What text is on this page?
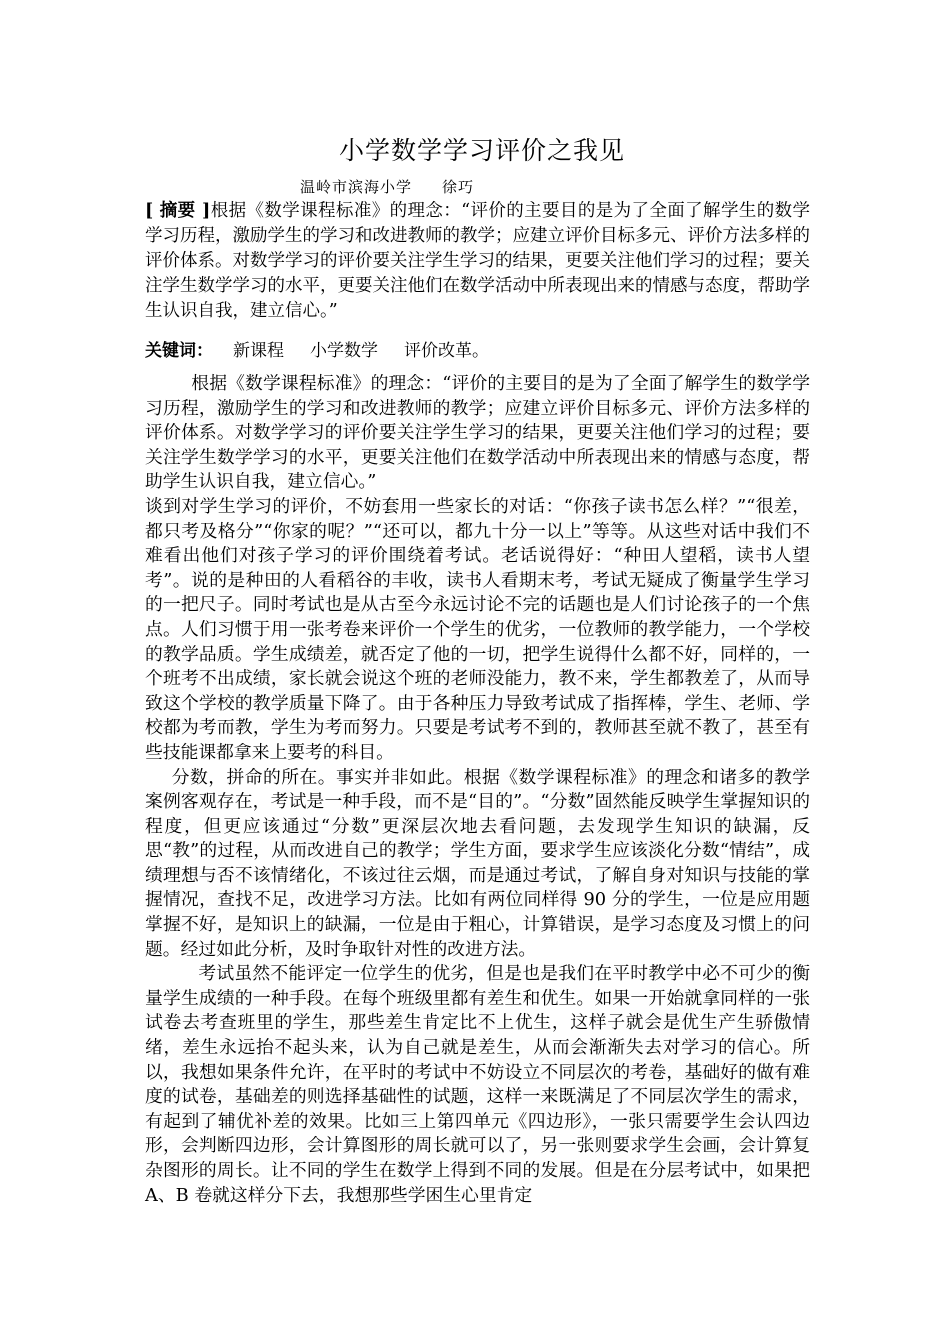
小学数学学习评价之我见
温岭市滨海小学 徐巧

[ 摘要 ]根据《数学课程标准》的理念：“评价的主要目的是为了全面了解学生的数学学习历程，激励学生的学习和改进教师的教学；应建立评价目标多元、评价方法多样的评价体系。对数学学习的评价要关注学生学习的结果，更要关注他们学习的过程；要关注学生数学学习的水平，更要关注他们在数学活动中所表现出来的情感与态度，帮助学生认识自我，建立信心。”

关键词： 新课程 小学数学 评价改革。

根据《数学课程标准》的理念：“评价的主要目的是为了全面了解学生的数学学习历程，激励学生的学习和改进教师的教学；应建立评价目标多元、评价方法多样的评价体系。对数学学习的评价要关注学生学习的结果，更要关注他们学习的过程；要关注学生数学学习的水平，更要关注他们在数学活动中所表现出来的情感与态度，帮助学生认识自我，建立信心。”

谈到对学生学习的评价，不妨套用一些家长的对话：“你孩子读书怎么样？”“很差，都只考及格分”“你家的呢？”“还可以，都九十分一以上”等等。从这些对话中我们不难看出他们对孩子学习的评价围绕着考试。老话说得好：“种田人望稻，读书人望考”。说的是种田的人看稻谷的丰收，读书人看期末考，考试无疑成了衡量学生学习的一把尺子。同时考试也是从古至今永远讨论不完的话题也是人们讨论孩子的一个焦点。人们习惯于用一张考卷来评价一个学生的优劣，一位教师的教学能力，一个学校的教学品质。学生成绩差，就否定了他的一切，把学生说得什么都不好，同样的，一个班考不出成绩，家长就会说这个班的老师没能力，教不来，学生都教差了，从而导致这个学校的教学质量下降了。由于各种压力导致考试成了指挥棒，学生、老师、学校都为考而教，学生为考而努力。只要是考试考不到的，教师甚至就不教了，甚至有些技能课都拿来上要考的科目。

分数，拼命的所在。事实并非如此。根据《数学课程标准》的理念和诸多的教学案例客观存在，考试是一种手段，而不是“目的”。“分数”固然能反映学生掌握知识的程度，但更应该通过“分数”更深层次地去看问题，去发现学生知识的缺漏，反思“教”的过程，从而改进自己的教学；学生方面，要求学生应该淡化分数“情结”，成绩理想与否不该情绪化，不该过往云烟，而是通过考试，了解自身对知识与技能的掌握情况，查找不足，改进学习方法。比如有两位同样得 90 分的学生，一位是应用题掌握不好，是知识上的缺漏，一位是由于粗心，计算错误，是学习态度及习惯上的问题。经过如此分析，及时争取针对性的改进方法。

考试虽然不能评定一位学生的优劣，但是也是我们在平时教学中必不可少的衡量学生成绩的一种手段。在每个班级里都有差生和优生。如果一开始就拿同样的一张试卷去考查班里的学生，那些差生肯定比不上优生，这样子就会是优生产生骄傲情绪，差生永远抬不起头来，认为自己就是差生，从而会渐渐失去对学习的信心。所以，我想如果条件允许，在平时的考试中不妨设立不同层次的考卷，基础好的做有难度的试卷，基础差的则选择基础性的试题，这样一来既满足了不同层次学生的需求，有起到了辅优补差的效果。比如三上第四单元《四边形》，一张只需要学生会认四边形，会判断四边形，会计算图形的周长就可以了，另一张则要求学生会画，会计算复杂图形的周长。让不同的学生在数学上得到不同的发展。但是在分层考试中，如果把 A、B 卷就这样分下去，我想那些学困生心里肯定
